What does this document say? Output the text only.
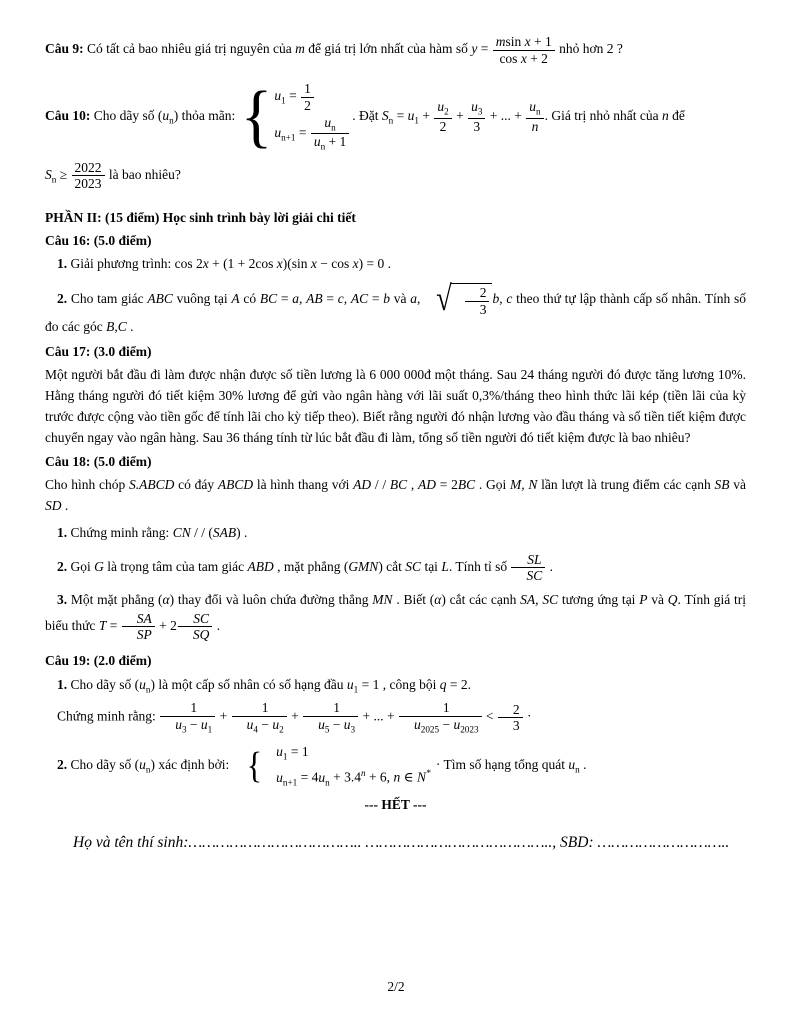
Câu 9: Có tất cả bao nhiêu giá trị nguyên của m để giá trị lớn nhất của hàm số $y = \frac{\text{msin x + 1}}{\text{cos x + 2}}$ nhỏ hơn 2 ?

Câu 10: Cho dãy số $(u_n)$ thỏa mãn: { $u_1 = \frac{1}{2}$
$u_{n+1} = \frac{u_n}{u_n + 1}$ . Đặt $S_n = u_1 + \frac{u_2}{2} + \frac{u_3}{3}$ + ... + $\frac{u_n}{n}$ . Giá trị nhỏ nhất của n để

$S_n \ge \frac{2022}{2023}$ là bao nhiêu?

PHẦN II: (15 điểm) Học sinh trình bày lời giải chi tiết

Câu 16: (5.0 điểm)

1. Giải phương trình: cos 2x + (1 + 2cos x)(sin x − cos x) = 0 .

2. Cho tam giác ABC vuông tại A có BC = a, AB = c, AC = b và a, √ $\frac{2}{3} b$, c theo thứ tự lập thành cấp số nhân. Tính số đo các góc B,C .

Câu 17: (3.0 điểm)

Một người bắt đầu đi làm được nhận được số tiền lương là 6 000 000đ một tháng. Sau 24 tháng người đó được tăng lương 10%. Hằng tháng người đó tiết kiệm 30% lương để gửi vào ngân hàng với lãi suất 0,3%/tháng theo hình thức lãi kép (tiền lãi của kỳ trước được cộng vào tiền gốc để tính lãi cho kỳ tiếp theo). Biết rằng người đó nhận lương vào đầu tháng và số tiền tiết kiệm được chuyển ngay vào ngân hàng. Sau 36 tháng tính từ lúc bắt đầu đi làm, tổng số tiền người đó tiết kiệm được là bao nhiêu?

Câu 18: (5.0 điểm)

Cho hình chóp S.ABCD có đáy ABCD là hình thang với AD / / BC , AD = 2BC . Gọi M, N lần lượt là trung điểm các cạnh SB và SD .

1. Chứng minh rằng: CN / / (SAB) .

2. Gọi G là trọng tâm của tam giác ABD , mặt phẳng (GMN) cắt SC tại L. Tính tỉ số $\frac{SL}{SC}$ .

3. Một mặt phẳng (α) thay đổi và luôn chứa đường thẳng MN . Biết (α) cắt các cạnh SA, SC tương ứng tại P và Q. Tính giá trị biểu thức $T = \frac{SA}{SP} + 2 \frac{SC}{SQ}$ .

Câu 19: (2.0 điểm)

1. Cho dãy số $(u_n)$ là một cấp số nhân có số hạng đầu $u_1 = 1$ , công bội q = 2.

Chứng minh rằng: $\frac{1}{u_3 - u_1} + \frac{1}{u_4 - u_2} + \frac{1}{u_5 - u_3}$ + ... + $\frac{1}{u_{2025} - u_{2023}} < \frac{2}{3}$ ·

2. Cho dãy số $(u_n)$ xác định bởi: {	$u_1 = 1$
$u_{n+1} = 4u_n + 3.4^n + 6$, n ∈ N*
· Tìm số hạng tổng quát $u_n$ .

--- HẾT ---

Họ và tên thí sinh:……………………………….. ………………………………….., SBD: ………………………..

2/2
